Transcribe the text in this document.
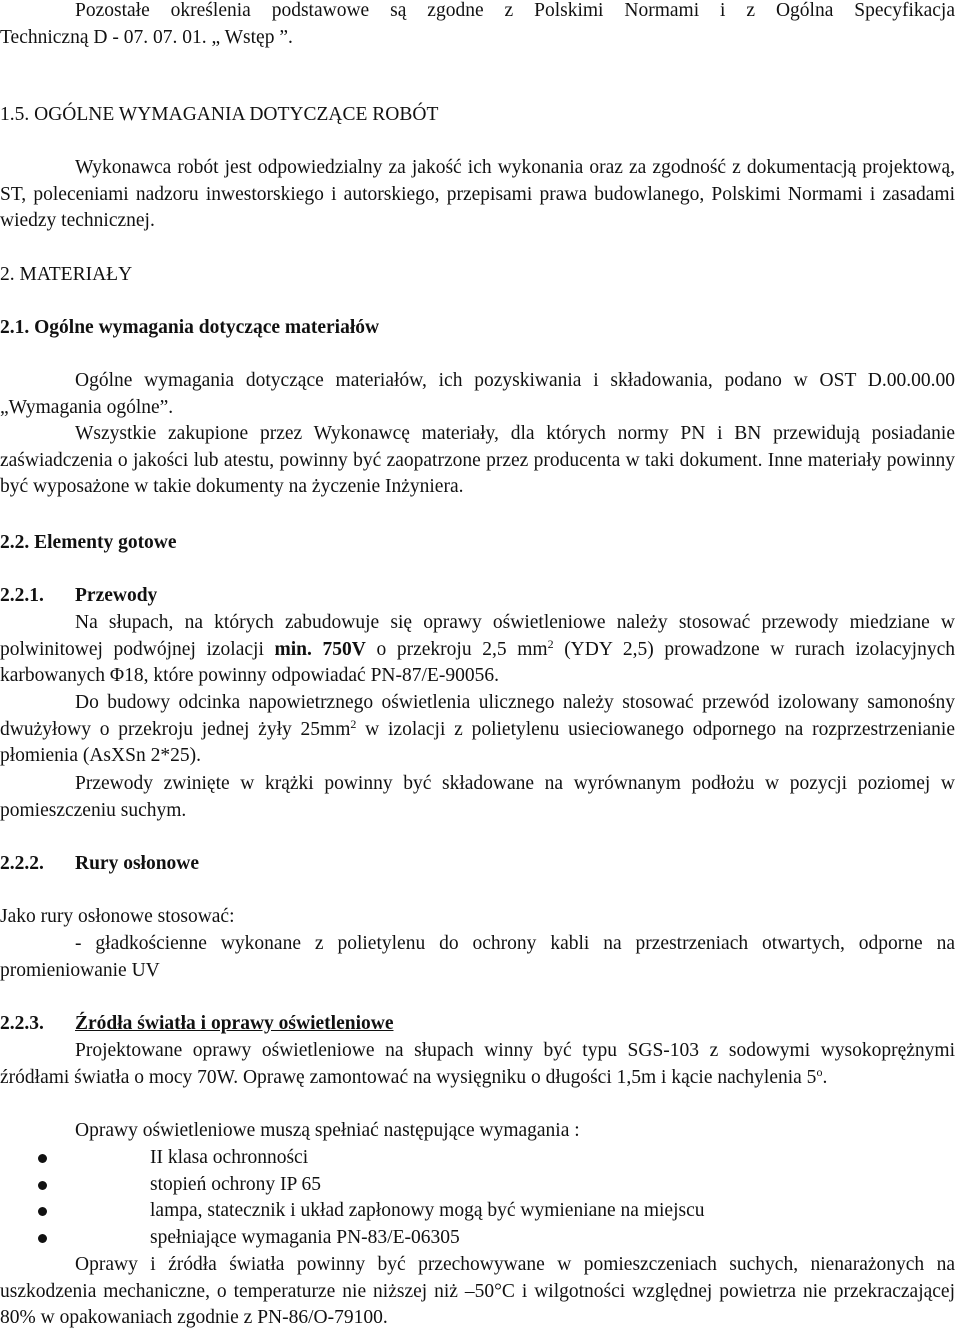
Pozostałe określenia podstawowe są zgodne z Polskimi Normami i z Ogólna Specyfikacja

Techniczną D - 07. 07. 01. „ Wstęp ”.

1.5. OGÓLNE WYMAGANIA DOTYCZĄCE ROBÓT

Wykonawca robót jest odpowiedzialny za jakość ich wykonania oraz za zgodność z dokumentacją projektową, ST, poleceniami nadzoru inwestorskiego i autorskiego, przepisami prawa budowlanego, Polskimi Normami i zasadami wiedzy technicznej.

2. MATERIAŁY

2.1. Ogólne wymagania dotyczące materiałów

Ogólne wymagania dotyczące materiałów, ich pozyskiwania i składowania, podano w OST D.00.00.00 „Wymagania ogólne”.

Wszystkie zakupione przez Wykonawcę materiały, dla których normy PN i BN przewidują posiadanie zaświadczenia o jakości lub atestu, powinny być zaopatrzone przez producenta w taki dokument. Inne materiały powinny być wyposażone w takie dokumenty na życzenie Inżyniera.

2.2. Elementy gotowe

2.2.1. Przewody

Na słupach, na których zabudowuje się oprawy oświetleniowe należy stosować przewody miedziane w polwinitowej podwójnej izolacji min. 750V o przekroju 2,5 $mm^2$ (YDY 2,5) prowadzone w rurach izolacyjnych karbowanych Φ18, które powinny odpowiadać PN-87/E-90056.

Do budowy odcinka napowietrznego oświetlenia ulicznego należy stosować przewód izolowany samonośny dwużyłowy o przekroju jednej żyły $25mm^2$ w izolacji z polietylenu usieciowanego odpornego na rozprzestrzenianie płomienia (AsXSn 2*25).

Przewody zwinięte w krążki powinny być składowane na wyrównanym podłożu w pozycji poziomej w pomieszczeniu suchym.

2.2.2. Rury osłonowe

Jako rury osłonowe stosować:

- gładkościenne wykonane z polietylenu do ochrony kabli na przestrzeniach otwartych, odporne na promieniowanie UV

2.2.3. Źródła światła i oprawy oświetleniowe

Projektowane oprawy oświetleniowe na słupach winny być typu SGS-103 z sodowymi wysokoprężnymi źródłami światła o mocy 70W. Oprawę zamontować na wysięgniku o długości 1,5m i kącie nachylenia 5$^o$.

Oprawy oświetleniowe muszą spełniać następujące wymagania :

II klasa ochronności
stopień ochrony IP 65
lampa, statecznik i układ zapłonowy mogą być wymieniane na miejscu
spełniające wymagania PN-83/E-06305

Oprawy i źródła światła powinny być przechowywane w pomieszczeniach suchych, nienarażonych na uszkodzenia mechaniczne, o temperaturze nie niższej niż –50°C i wilgotności względnej powietrza nie przekraczającej 80% w opakowaniach zgodnie z PN-86/O-79100.
